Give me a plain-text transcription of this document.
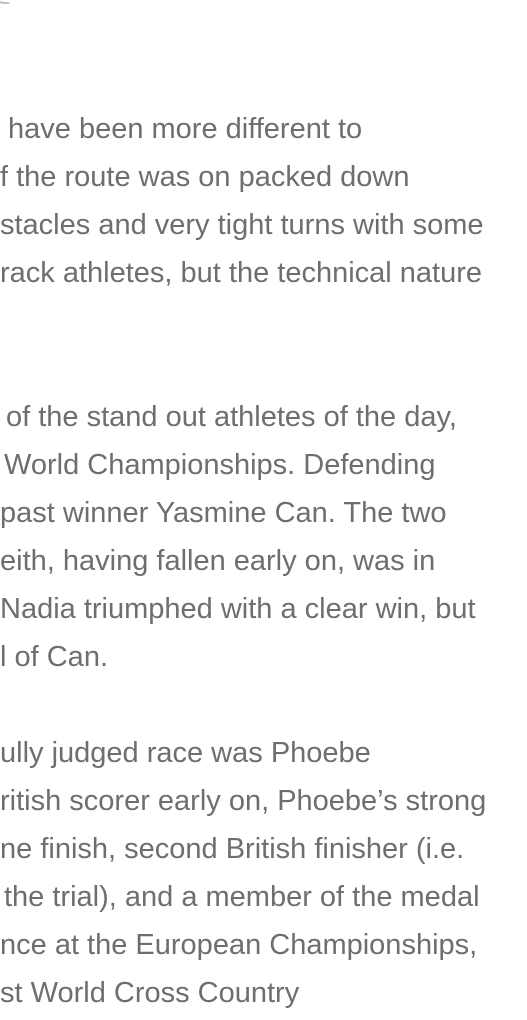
have been more different to
f the route was on packed down
stacles and very tight turns with some
rack athletes, but the technical nature
of the stand out athletes of the day,
World Championships. Defending
past winner Yasmine Can. The two
eith, having fallen early on, was in
Nadia triumphed with a clear win, but
l of Can.
ully judged race was Phoebe
ritish scorer early on, Phoebe’s strong
ne finish, second British finisher (i.e.
the trial), and a member of the medal
nce at the European Championships,
st World Cross Country
